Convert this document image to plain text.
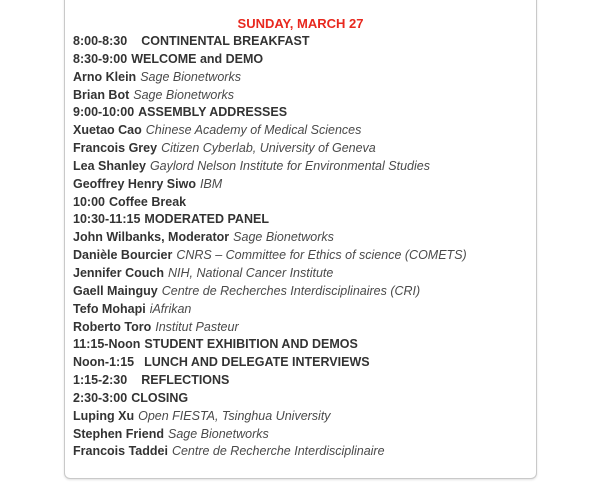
SUNDAY, MARCH 27
8:00-8:30 CONTINENTAL BREAKFAST
8:30-9:00 WELCOME and DEMO
Arno Klein Sage Bionetworks
Brian Bot Sage Bionetworks
9:00-10:00 ASSEMBLY ADDRESSES
Xuetao Cao Chinese Academy of Medical Sciences
Francois Grey Citizen Cyberlab, University of Geneva
Lea Shanley Gaylord Nelson Institute for Environmental Studies
Geoffrey Henry Siwo IBM
10:00 Coffee Break
10:30-11:15 MODERATED PANEL
John Wilbanks, Moderator Sage Bionetworks
Danièle Bourcier CNRS – Committee for Ethics of science (COMETS)
Jennifer Couch NIH, National Cancer Institute
Gaell Mainguy Centre de Recherches Interdisciplinaires (CRI)
Tefo Mohapi iAfrikan
Roberto Toro Institut Pasteur
11:15-Noon STUDENT EXHIBITION AND DEMOS
Noon-1:15 LUNCH AND DELEGATE INTERVIEWS
1:15-2:30 REFLECTIONS
2:30-3:00 CLOSING
Luping Xu Open FIESTA, Tsinghua University
Stephen Friend Sage Bionetworks
Francois Taddei Centre de Recherche Interdisciplinaire
